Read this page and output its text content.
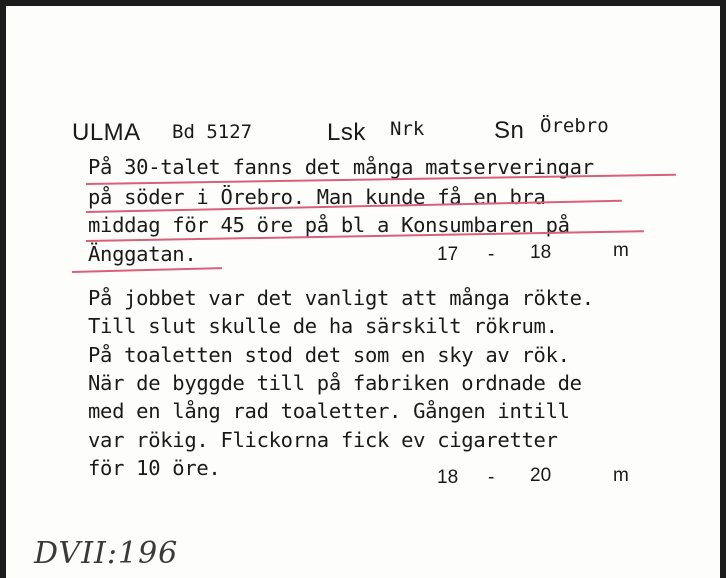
ULMA Bd 5127	Lsk Nrk	Sn Örebro
På 30-talet fanns det många matserveringar
på söder i Örebro. Man kunde få en bra
middag för 45 öre på bl a Konsumbaren på
Änggatan.	17 - 18	m
På jobbet var det vanligt att många rökte.
Till slut skulle de ha särskilt rökrum.
På toaletten stod det som en sky av rök.
När de byggde till på fabriken ordnade de
med en lång rad toaletter. Gången intill
var rökig. Flickorna fick ev cigaretter
för 10 öre.	18 - 20	m
DVII:196
